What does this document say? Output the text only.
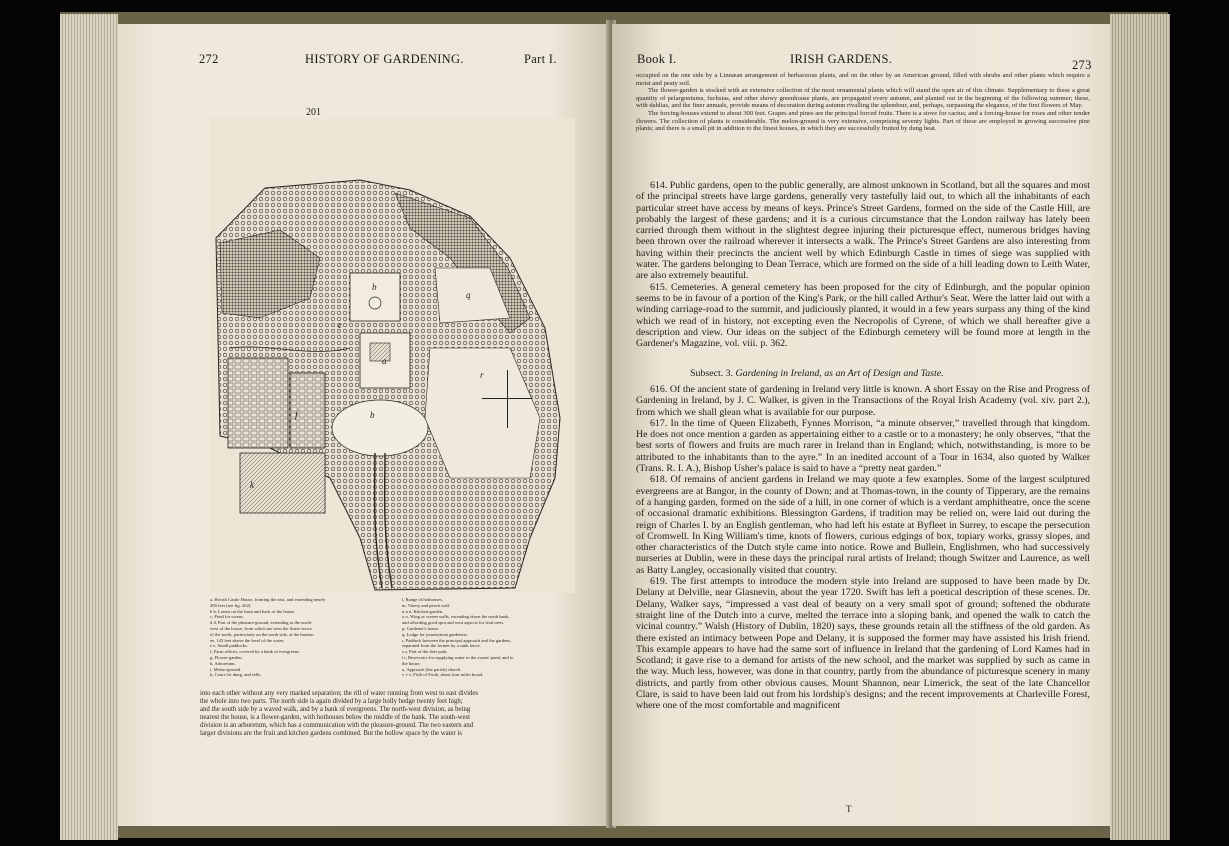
272	HISTORY OF GARDENING.	Part I.
201
b
a
b
r
q
f
k
c
a, Howth Castle House, fronting the east, and extending nearly
200 feet (see fig. 202).
b b, Lawns on the front and back of the house.
c, Pond for swans.
d d, Part of the pleasure-ground, extending to the north-
west of the house, from which are seen the finest views
of the north, particularly on the north side, at the bastion
ee, 143 feet above the level of the water.
e e, Small paddocks.
f, Farm offices, covered by a bank of evergreens.
g, Flower-garden.
h, Arboretum.
i, Melon-ground.
k, Court for dung, and sells.
l, Range of hothouses.
m, Vinery and peach wall.
n n n, Kitchen-garden.
o o, Wing or screen walls, extending down the north bank,
and affording good spot and west aspects for fruit trees.
p, Gardener's house.
q, Lodge for journeyman gardeners.
r, Paddock between the principal approach and the gardens,
separated from the former by a sunk fence.
s s, Part of the deer park.
t t, Reservoirs for supplying water to the swans' pond, and to
the house.
u, Approach (the parish) church.
v v v, Frith of Forth, about four miles broad.

into each other without any very marked separation; the rill of water running from west to east divides

the whole into two parts. The north side is again divided by a large holly hedge twenty feet high;

and the south side by a waved walk, and by a bank of evergreens. The north-west division, as being

nearest the house, is a flower-garden, with hothouses below the middle of the bank. The south-west

division is an arboretum, which has a communication with the pleasure-ground. The two eastern and

larger divisions are the fruit and kitchen gardens combined. But the hollow space by the water is

Book I.	IRISH GARDENS.	273

occupied on the one side by a Linnæan arrangement of herbaceous plants, and on the other by an American ground, filled with shrubs and other plants which require a moist and peaty soil.

The flower-garden is stocked with an extensive collection of the most ornamental plants which will stand the open air of this climate. Supplementary to these a great quantity of pelargoniums, fuchsias, and other showy greenhouse plants, are propagated every autumn, and planted out in the beginning of the following summer; these, with dahlias, and the finer annuals, provide means of decoration during autumn rivalling the splendour, and, perhaps, surpassing the elegance, of the first flowers of May.

The forcing-houses extend to about 300 feet. Grapes and pines are the principal forced fruits. There is a stove for cactus; and a forcing-house for roses and other tender flowers. The collection of plants is considerable. The melon-ground is very extensive, comprising seventy lights. Part of these are employed in growing successive pine plants; and there is a small pit in addition to the finest houses, in which they are successfully fruited by dung heat.

614. Public gardens, open to the public generally, are almost unknown in Scotland, but all the squares and most of the principal streets have large gardens, generally very tastefully laid out, to which all the inhabitants of each particular street have access by means of keys. Prince's Street Gardens, formed on the side of the Castle Hill, are probably the largest of these gardens; and it is a curious circumstance that the London railway has lately been carried through them without in the slightest degree injuring their picturesque effect, numerous bridges having been thrown over the railroad wherever it intersects a walk. The Prince's Street Gardens are also interesting from having within their precincts the ancient well by which Edinburgh Castle in times of siege was supplied with water. The gardens belonging to Dean Terrace, which are formed on the side of a hill leading down to Leith Water, are also extremely beautiful.

615. Cemeteries. A general cemetery has been proposed for the city of Edinburgh, and the popular opinion seems to be in favour of a portion of the King's Park, or the hill called Arthur's Seat. Were the latter laid out with a winding carriage-road to the summit, and judiciously planted, it would in a few years surpass any thing of the kind which we read of in history, not excepting even the Necropolis of Cyrene, of which we shall hereafter give a description and view. Our ideas on the subject of the Edinburgh cemetery will be found more at length in the Gardener's Magazine, vol. viii. p. 362.

Subsect. 3. Gardening in Ireland, as an Art of Design and Taste.

616. Of the ancient state of gardening in Ireland very little is known. A short Essay on the Rise and Progress of Gardening in Ireland, by J. C. Walker, is given in the Transactions of the Royal Irish Academy (vol. xiv. part 2.), from which we shall glean what is available for our purpose.

617. In the time of Queen Elizabeth, Fynnes Morrison, “a minute observer,” travelled through that kingdom. He does not once mention a garden as appertaining either to a castle or to a monastery; he only observes, “that the best sorts of flowers and fruits are much rarer in Ireland than in England; which, notwithstanding, is more to be attributed to the inhabitants than to the ayre.” In an inedited account of a Tour in 1634, also quoted by Walker (Trans. R. I. A.), Bishop Usher's palace is said to have a “pretty neat garden.”

618. Of remains of ancient gardens in Ireland we may quote a few examples. Some of the largest sculptured evergreens are at Bangor, in the county of Down; and at Thomas-town, in the county of Tipperary, are the remains of a hanging garden, formed on the side of a hill, in one corner of which is a verdant amphitheatre, once the scene of occasional dramatic exhibitions. Blessington Gardens, if tradition may be relied on, were laid out during the reign of Charles I. by an English gentleman, who had left his estate at Byfleet in Surrey, to escape the persecution of Cromwell. In King William's time, knots of flowers, curious edgings of box, topiary works, grassy slopes, and other characteristics of the Dutch style came into notice. Rowe and Bullein, Englishmen, who had successively nurseries at Dublin, were in these days the principal rural artists of Ireland; though Switzer and Laurence, as well as Batty Langley, occasionally visited that country.

619. The first attempts to introduce the modern style into Ireland are supposed to have been made by Dr. Delany at Delville, near Glasnevin, about the year 1720. Swift has left a poetical description of these scenes. Dr. Delany, Walker says, “impressed a vast deal of beauty on a very small spot of ground; softened the obdurate straight line of the Dutch into a curve, melted the terrace into a sloping bank, and opened the walk to catch the vicinal country.” Walsh (History of Dublin, 1820) says, these grounds retain all the stiffness of the old garden. As there existed an intimacy between Pope and Delany, it is supposed the former may have assisted his Irish friend. This example appears to have had the same sort of influence in Ireland that the gardening of Lord Kames had in Scotland; it gave rise to a demand for artists of the new school, and the market was supplied by such as came in the way. Much less, however, was done in that country, partly from the abundance of picturesque scenery in many districts, and partly from other obvious causes. Mount Shannon, near Limerick, the seat of the late Chancellor Clare, is said to have been laid out from his lordship's designs; and the recent improvements at Charleville Forest, where one of the most comfortable and magnificent

T
